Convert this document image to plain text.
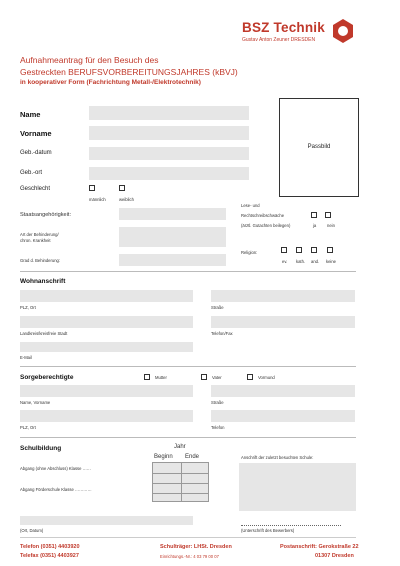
BSZ Technik
Gustav Anton Zeuner DRESDEN
Aufnahmeantrag für den Besuch des
Gestreckten BERUFSVORBEREITUNGSJAHRES (kBVJ)
in kooperativer Form (Fachrichtung Metall-/Elektrotechnik)
Passbild
Name
Vorname
Geb.-datum
Geb.-ort
Geschlecht
männlich	weiblich
Staatsangehörigkeit:
Art der Behinderung/
chron. Krankheit
Grad d. Behinderung:
Lese- und
Rechtschreibschwäche
(ärztl. Gutachten beilegen)	ja	nein
Religion:
ev. kath. and. keine
Wohnanschrift
PLZ, Ort	Straße
Landkreis/kreisfreie Stadt	Telefon/Fax
E-Mail
Sorgeberechtigte	Mutter	Vater	Vormund
Name, Vorname	Straße
PLZ, Ort	Telefon
Schulbildung	Jahr
Beginn Ende
Abgang (ohne Abschluss) Klasse ……
Abgang Förderschule Klasse …………
Anschrift der zuletzt besuchten Schule:
(Ort, Datum)	(Unterschrift des Bewerbers)
Telefon (0351) 4403920
Telefax (0351) 4403927
Schulträger: LHSt. Dresden
Einrichtungs.-Nr.: 4 03 79 00 07
Postanschrift: Gerokstraße 22
01307 Dresden
